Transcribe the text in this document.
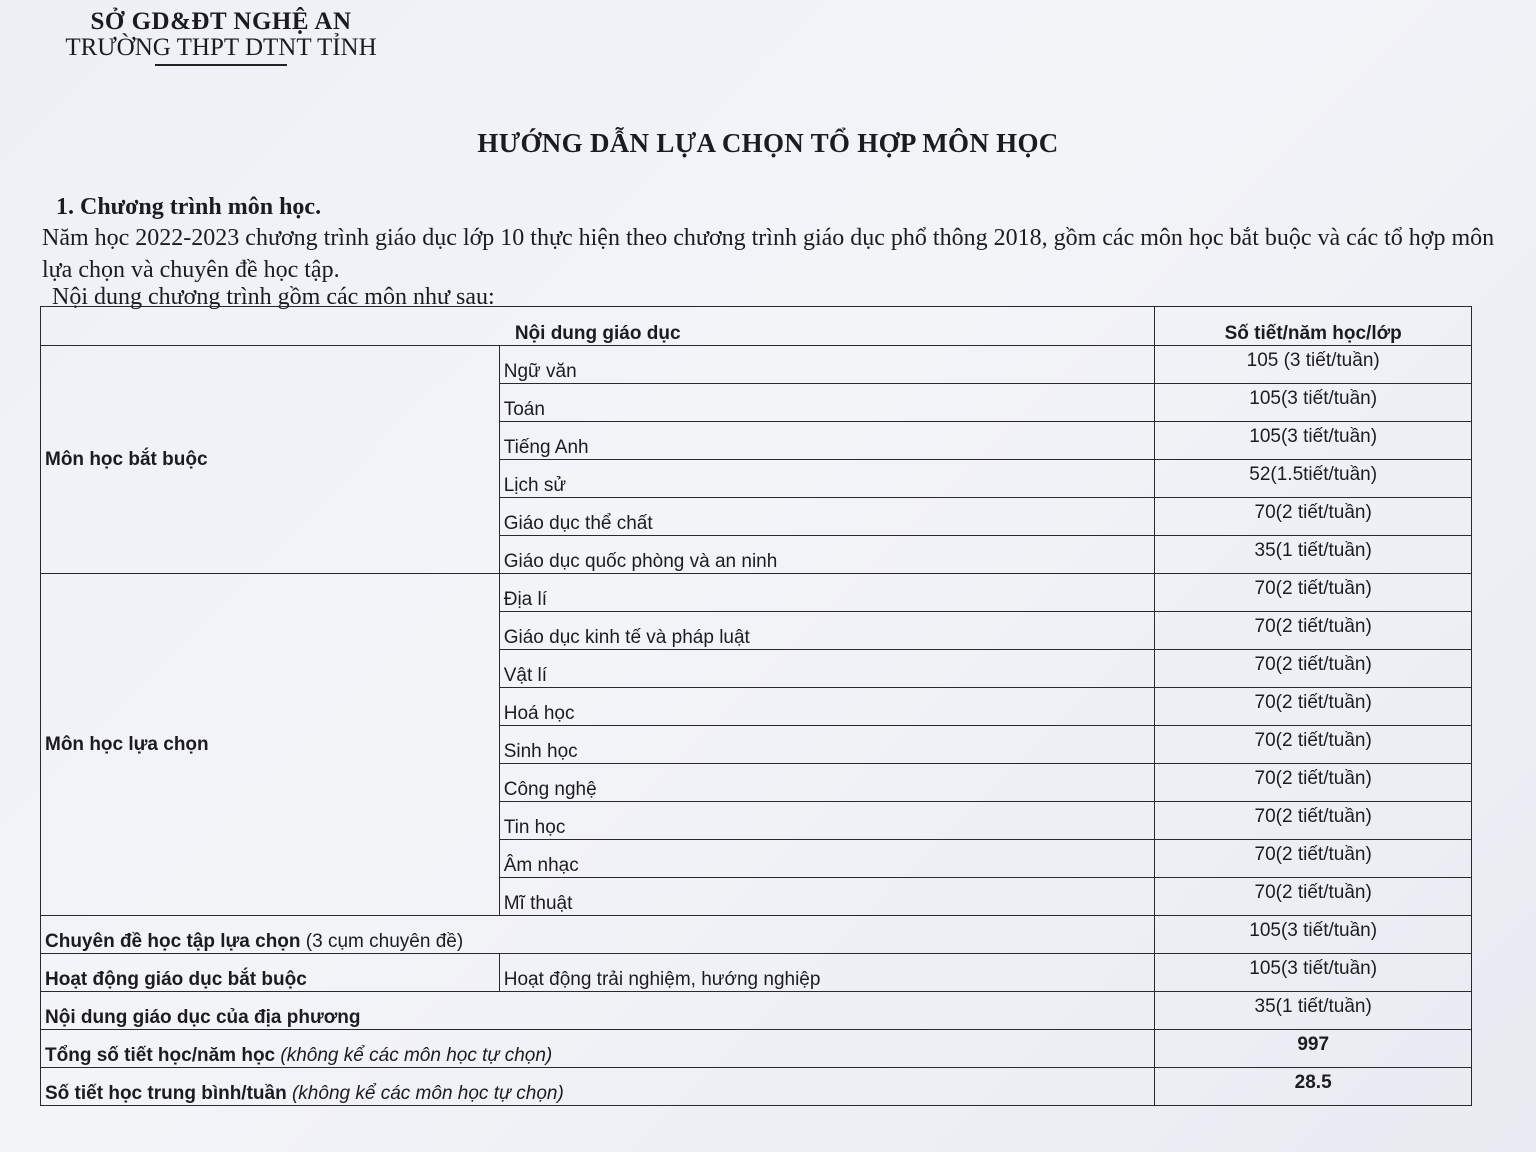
SỞ GD&ĐT NGHỆ AN
TRƯỜNG THPT DTNT TỈNH
HƯỚNG DẪN LỰA CHỌN TỔ HỢP MÔN HỌC
1. Chương trình môn học.
Năm học 2022-2023 chương trình giáo dục lớp 10 thực hiện theo chương trình giáo dục phổ thông 2018, gồm các môn học bắt buộc và các tổ hợp môn lựa chọn và chuyên đề học tập.
Nội dung chương trình gồm các môn như sau:
Nội dung giáo dục		Số tiết/năm học/lớp
Môn học bắt buộc	Ngữ văn	105 (3 tiết/tuần)
	Toán	105(3 tiết/tuần)
	Tiếng Anh	105(3 tiết/tuần)
	Lịch sử	52(1.5tiết/tuần)
	Giáo dục thể chất	70(2 tiết/tuần)
	Giáo dục quốc phòng và an ninh	35(1 tiết/tuần)
Môn học lựa chọn	Địa lí	70(2 tiết/tuần)
	Giáo dục kinh tế và pháp luật	70(2 tiết/tuần)
	Vật lí	70(2 tiết/tuần)
	Hoá học	70(2 tiết/tuần)
	Sinh học	70(2 tiết/tuần)
	Công nghệ	70(2 tiết/tuần)
	Tin học	70(2 tiết/tuần)
	Âm nhạc	70(2 tiết/tuần)
	Mĩ thuật	70(2 tiết/tuần)
Chuyên đề học tập lựa chọn (3 cụm chuyên đề)		105(3 tiết/tuần)
Hoạt động giáo dục bắt buộc	Hoạt động trải nghiệm, hướng nghiệp	105(3 tiết/tuần)
Nội dung giáo dục của địa phương		35(1 tiết/tuần)
Tổng số tiết học/năm học (không kể các môn học tự chọn)		997
Số tiết học trung bình/tuần (không kể các môn học tự chọn)		28.5
